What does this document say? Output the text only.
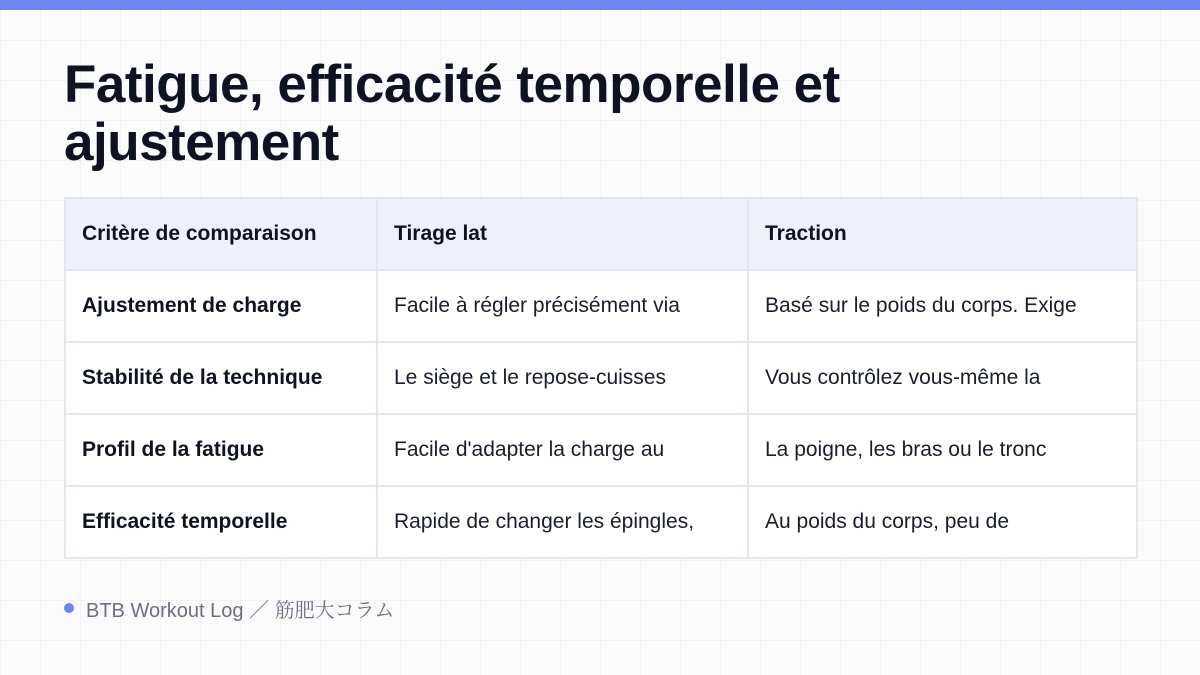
Fatigue, efficacité temporelle et ajustement
Critère de comparaison	Tirage lat	Traction
Ajustement de charge	Facile à régler précisément via	Basé sur le poids du corps. Exige
Stabilité de la technique	Le siège et le repose-cuisses	Vous contrôlez vous-même la
Profil de la fatigue	Facile d'adapter la charge au	La poigne, les bras ou le tronc
Efficacité temporelle	Rapide de changer les épingles,	Au poids du corps, peu de
BTB Workout Log ／ 筋肥大コラム
